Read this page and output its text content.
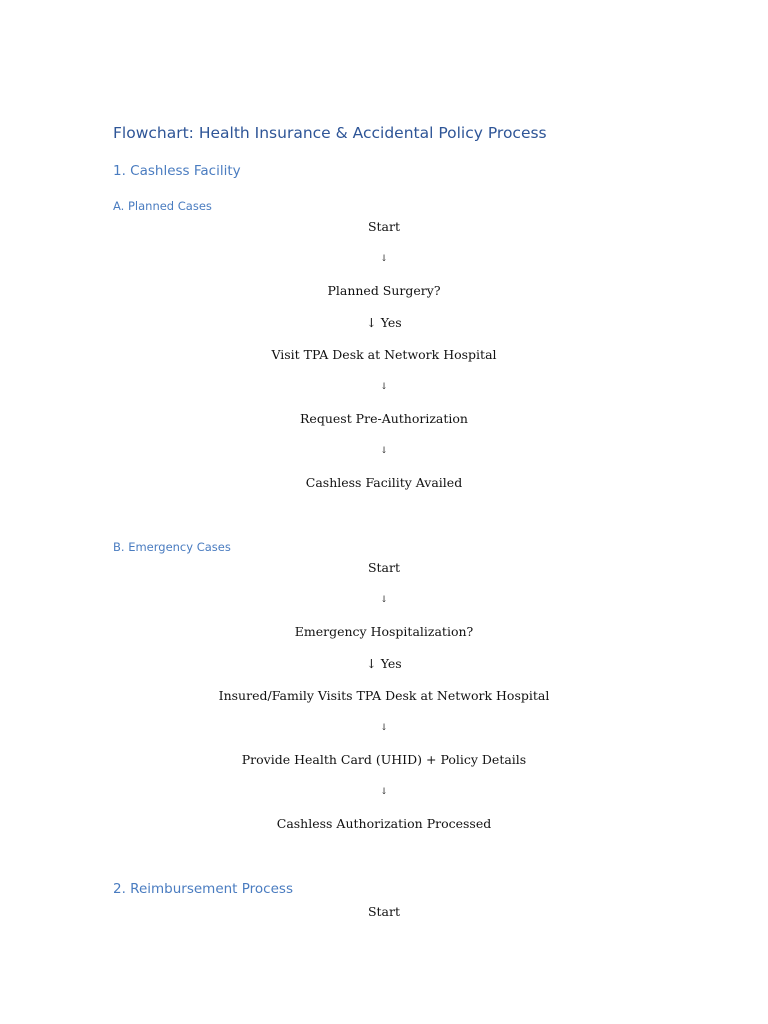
Flowchart: Health Insurance & Accidental Policy Process
1. Cashless Facility
A. Planned Cases

Start

↓

Planned Surgery?

↓ Yes

Visit TPA Desk at Network Hospital

↓

Request Pre-Authorization

↓

Cashless Facility Availed

B. Emergency Cases

Start

↓

Emergency Hospitalization?

↓ Yes

Insured/Family Visits TPA Desk at Network Hospital

↓

Provide Health Card (UHID) + Policy Details

↓

Cashless Authorization Processed

2. Reimbursement Process

Start
